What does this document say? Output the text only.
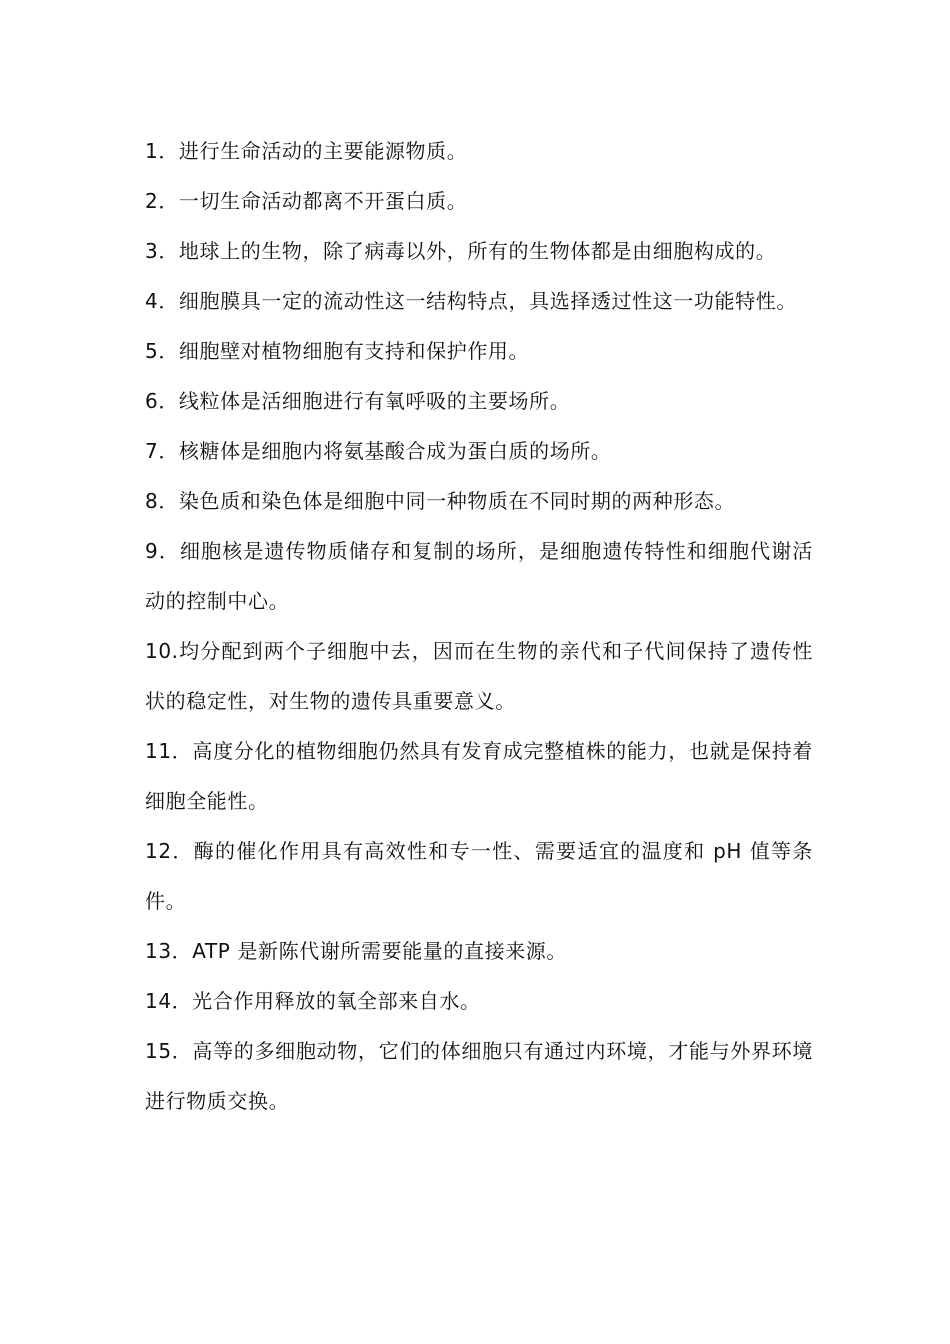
1．进行生命活动的主要能源物质。

2．一切生命活动都离不开蛋白质。

3．地球上的生物，除了病毒以外，所有的生物体都是由细胞构成的。

4．细胞膜具一定的流动性这一结构特点，具选择透过性这一功能特性。

5．细胞壁对植物细胞有支持和保护作用。

6．线粒体是活细胞进行有氧呼吸的主要场所。

7．核糖体是细胞内将氨基酸合成为蛋白质的场所。

8．染色质和染色体是细胞中同一种物质在不同时期的两种形态。

9．细胞核是遗传物质储存和复制的场所，是细胞遗传特性和细胞代谢活动的控制中心。

10.均分配到两个子细胞中去，因而在生物的亲代和子代间保持了遗传性状的稳定性，对生物的遗传具重要意义。

11．高度分化的植物细胞仍然具有发育成完整植株的能力，也就是保持着细胞全能性。

12．酶的催化作用具有高效性和专一性、需要适宜的温度和 pH 值等条件。

13．ATP 是新陈代谢所需要能量的直接来源。

14．光合作用释放的氧全部来自水。

15．高等的多细胞动物，它们的体细胞只有通过内环境，才能与外界环境进行物质交换。
